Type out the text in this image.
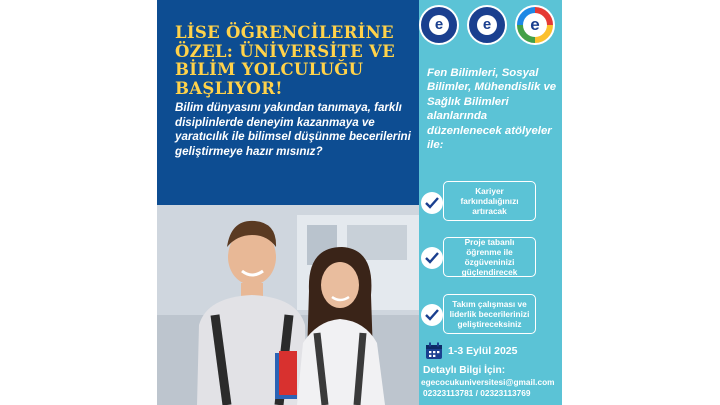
LİSE ÖĞRENCİLERİNE ÖZEL: ÜNİVERSİTE VE BİLİM YOLCULUĞU BAŞLIYOR!

Bilim dünyasını yakından tanımaya, farklı disiplinlerde deneyim kazanmaya ve yaratıcılık ile bilimsel düşünme becerilerini geliştirmeye hazır mısınız?

e	e	e

Fen Bilimleri, Sosyal Bilimler, Mühendislik ve Sağlık Bilimleri alanlarında düzenlenecek atölyeler ile:

Kariyer farkındalığınızı artıracak
Proje tabanlı öğrenme ile özgüveninizi güçlendirecek
Takım çalışması ve liderlik becerilerinizi geliştireceksiniz

1-3 Eylül 2025

Detaylı Bilgi İçin:

egecocukuniversitesi@gmail.com

02323113781 / 02323113769
